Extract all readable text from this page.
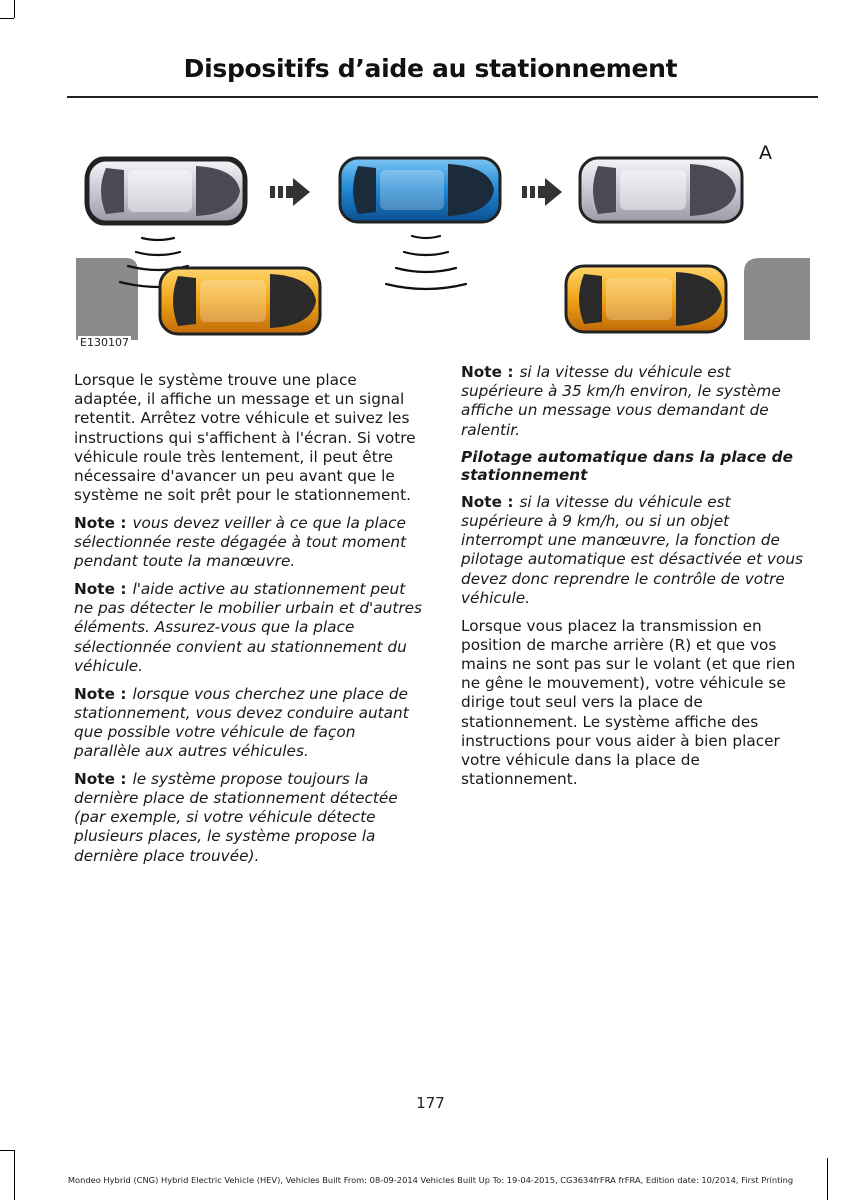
Dispositifs d’aide au stationnement
E130107
A

Lorsque le système trouve une place adaptée, il affiche un message et un signal retentit. Arrêtez votre véhicule et suivez les instructions qui s'affichent à l'écran. Si votre véhicule roule très lentement, il peut être nécessaire d'avancer un peu avant que le système ne soit prêt pour le stationnement.

Note : vous devez veiller à ce que la place sélectionnée reste dégagée à tout moment pendant toute la manœuvre.

Note : l'aide active au stationnement peut ne pas détecter le mobilier urbain et d'autres éléments. Assurez-vous que la place sélectionnée convient au stationnement du véhicule.

Note : lorsque vous cherchez une place de stationnement, vous devez conduire autant que possible votre véhicule de façon parallèle aux autres véhicules.

Note : le système propose toujours la dernière place de stationnement détectée (par exemple, si votre véhicule détecte plusieurs places, le système propose la dernière place trouvée).

Note : si la vitesse du véhicule est supérieure à 35 km/h environ, le système affiche un message vous demandant de ralentir.

Pilotage automatique dans la place de stationnement

Note : si la vitesse du véhicule est supérieure à 9 km/h, ou si un objet interrompt une manœuvre, la fonction de pilotage automatique est désactivée et vous devez donc reprendre le contrôle de votre véhicule.

Lorsque vous placez la transmission en position de marche arrière (R) et que vos mains ne sont pas sur le volant (et que rien ne gêne le mouvement), votre véhicule se dirige tout seul vers la place de stationnement. Le système affiche des instructions pour vous aider à bien placer votre véhicule dans la place de stationnement.

177
Mondeo Hybrid (CNG) Hybrid Electric Vehicle (HEV), Vehicles Built From: 08-09-2014 Vehicles Built Up To: 19-04-2015, CG3634frFRA frFRA, Edition date: 10/2014, First Printing
